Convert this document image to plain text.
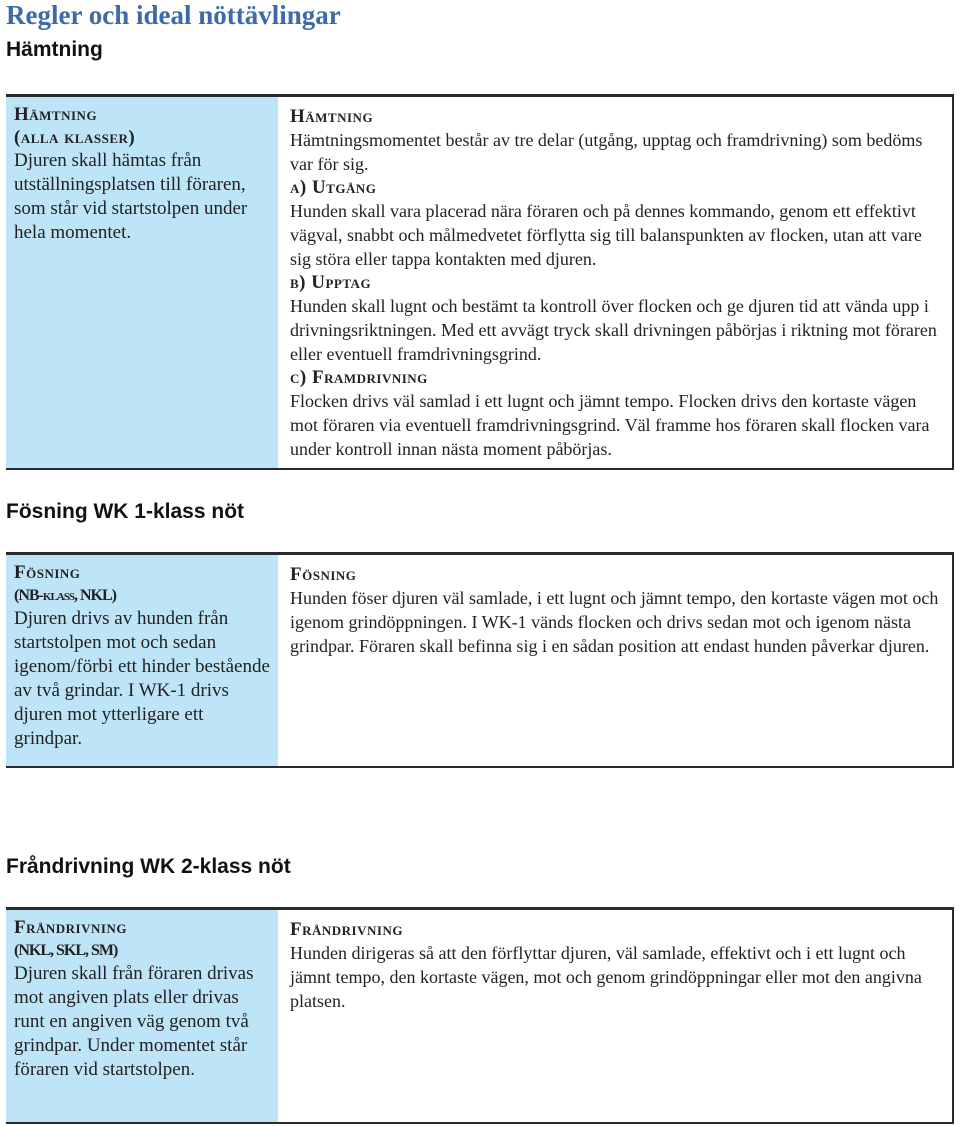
Regler och ideal nöttävlingar
Hämtning
Hämtning
(alla klasser)

Djuren skall hämtas från utställningsplatsen till föraren, som står vid startstolpen under hela momentet.

Hämtning

Hämtningsmomentet består av tre delar (utgång, upptag och framdrivning) som bedöms var för sig.

a) Utgång

Hunden skall vara placerad nära föraren och på dennes kommando, genom ett effektivt vägval, snabbt och målmedvetet förflytta sig till balanspunkten av flocken, utan att vare sig störa eller tappa kontakten med djuren.

b) Upptag

Hunden skall lugnt och bestämt ta kontroll över flocken och ge djuren tid att vända upp i drivningsriktningen. Med ett avvägt tryck skall drivningen påbörjas i riktning mot föraren eller eventuell framdrivningsgrind.

c) Framdrivning

Flocken drivs väl samlad i ett lugnt och jämnt tempo. Flocken drivs den kortaste vägen mot föraren via eventuell framdrivningsgrind. Väl framme hos föraren skall flocken vara under kontroll innan nästa moment påbörjas.

Fösning WK 1-klass nöt
Fösning
(NB-klass, NKL)

Djuren drivs av hunden från startstolpen mot och sedan igenom/förbi ett hinder bestående av två grindar. I WK-1 drivs djuren mot ytterligare ett grindpar.

Fösning

Hunden föser djuren väl samlade, i ett lugnt och jämnt tempo, den kortaste vägen mot och igenom grindöppningen. I WK-1 vänds flocken och drivs sedan mot och igenom nästa grindpar. Föraren skall befinna sig i en sådan position att endast hunden påverkar djuren.

Fråndrivning WK 2-klass nöt
Fråndrivning
(NKL, SKL, SM)

Djuren skall från föraren drivas mot angiven plats eller drivas runt en angiven väg genom två grindpar. Under momentet står föraren vid startstolpen.

Fråndrivning

Hunden dirigeras så att den förflyttar djuren, väl samlade, effektivt och i ett lugnt och jämnt tempo, den kortaste vägen, mot och genom grindöppningar eller mot den angivna platsen.
